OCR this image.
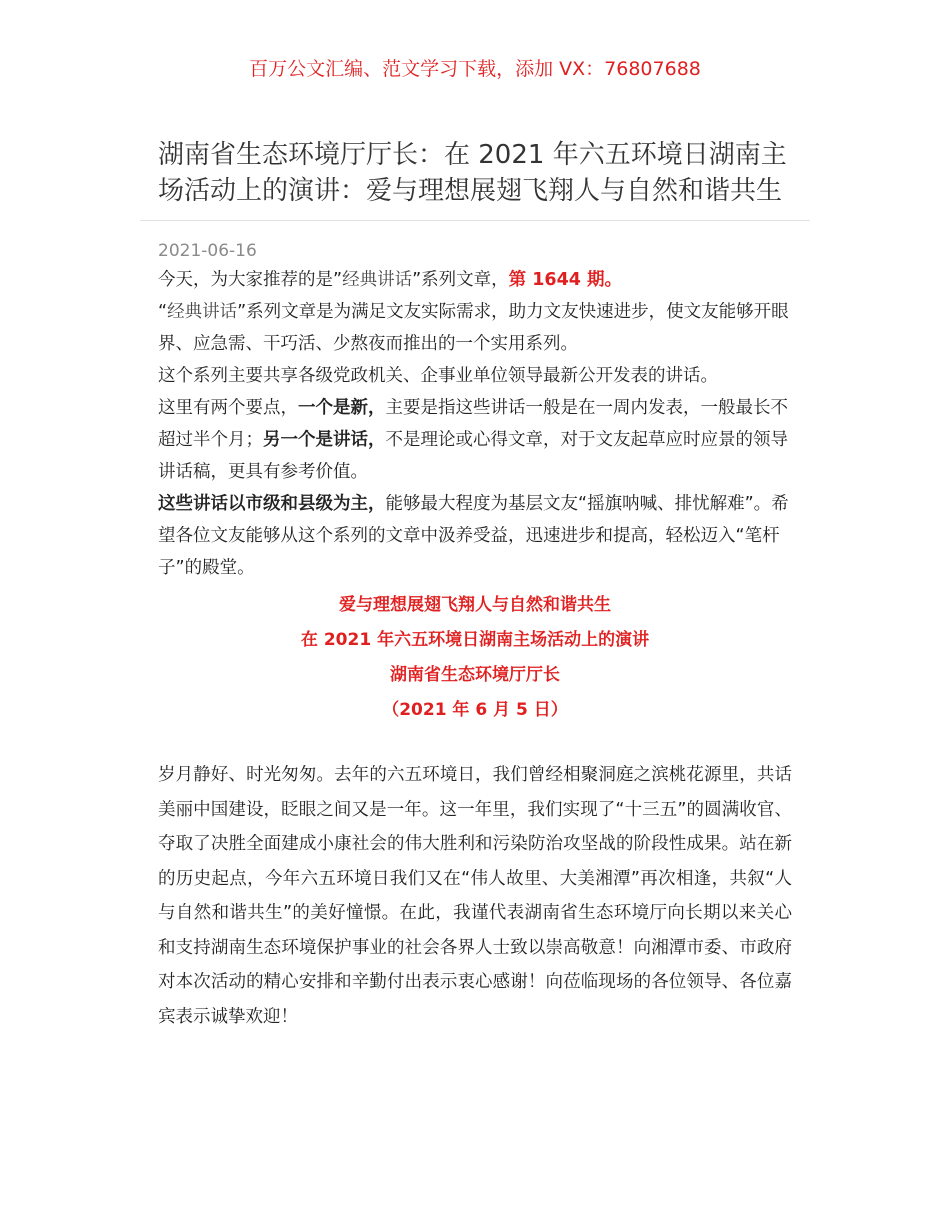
百万公文汇编、范文学习下载，添加 VX：76807688
湖南省生态环境厅厅长：在 2021 年六五环境日湖南主场活动上的演讲：爱与理想展翅飞翔人与自然和谐共生
2021-06-16

今天，为大家推荐的是”经典讲话”系列文章，第 1644 期。

“经典讲话”系列文章是为满足文友实际需求，助力文友快速进步，使文友能够开眼界、应急需、干巧活、少熬夜而推出的一个实用系列。

这个系列主要共享各级党政机关、企事业单位领导最新公开发表的讲话。

这里有两个要点，一个是新，主要是指这些讲话一般是在一周内发表，一般最长不超过半个月；另一个是讲话，不是理论或心得文章，对于文友起草应时应景的领导讲话稿，更具有参考价值。

这些讲话以市级和县级为主，能够最大程度为基层文友“摇旗呐喊、排忧解难”。希望各位文友能够从这个系列的文章中汲养受益，迅速进步和提高，轻松迈入“笔杆子”的殿堂。

爱与理想展翅飞翔人与自然和谐共生
在 2021 年六五环境日湖南主场活动上的演讲
湖南省生态环境厅厅长
（2021 年 6 月 5 日）

岁月静好、时光匆匆。去年的六五环境日，我们曾经相聚洞庭之滨桃花源里，共话美丽中国建设，眨眼之间又是一年。这一年里，我们实现了“十三五”的圆满收官、夺取了决胜全面建成小康社会的伟大胜利和污染防治攻坚战的阶段性成果。站在新的历史起点，今年六五环境日我们又在“伟人故里、大美湘潭”再次相逢，共叙“人与自然和谐共生”的美好憧憬。在此，我谨代表湖南省生态环境厅向长期以来关心和支持湖南生态环境保护事业的社会各界人士致以崇高敬意！向湘潭市委、市政府对本次活动的精心安排和辛勤付出表示衷心感谢！向莅临现场的各位领导、各位嘉宾表示诚挚欢迎！
